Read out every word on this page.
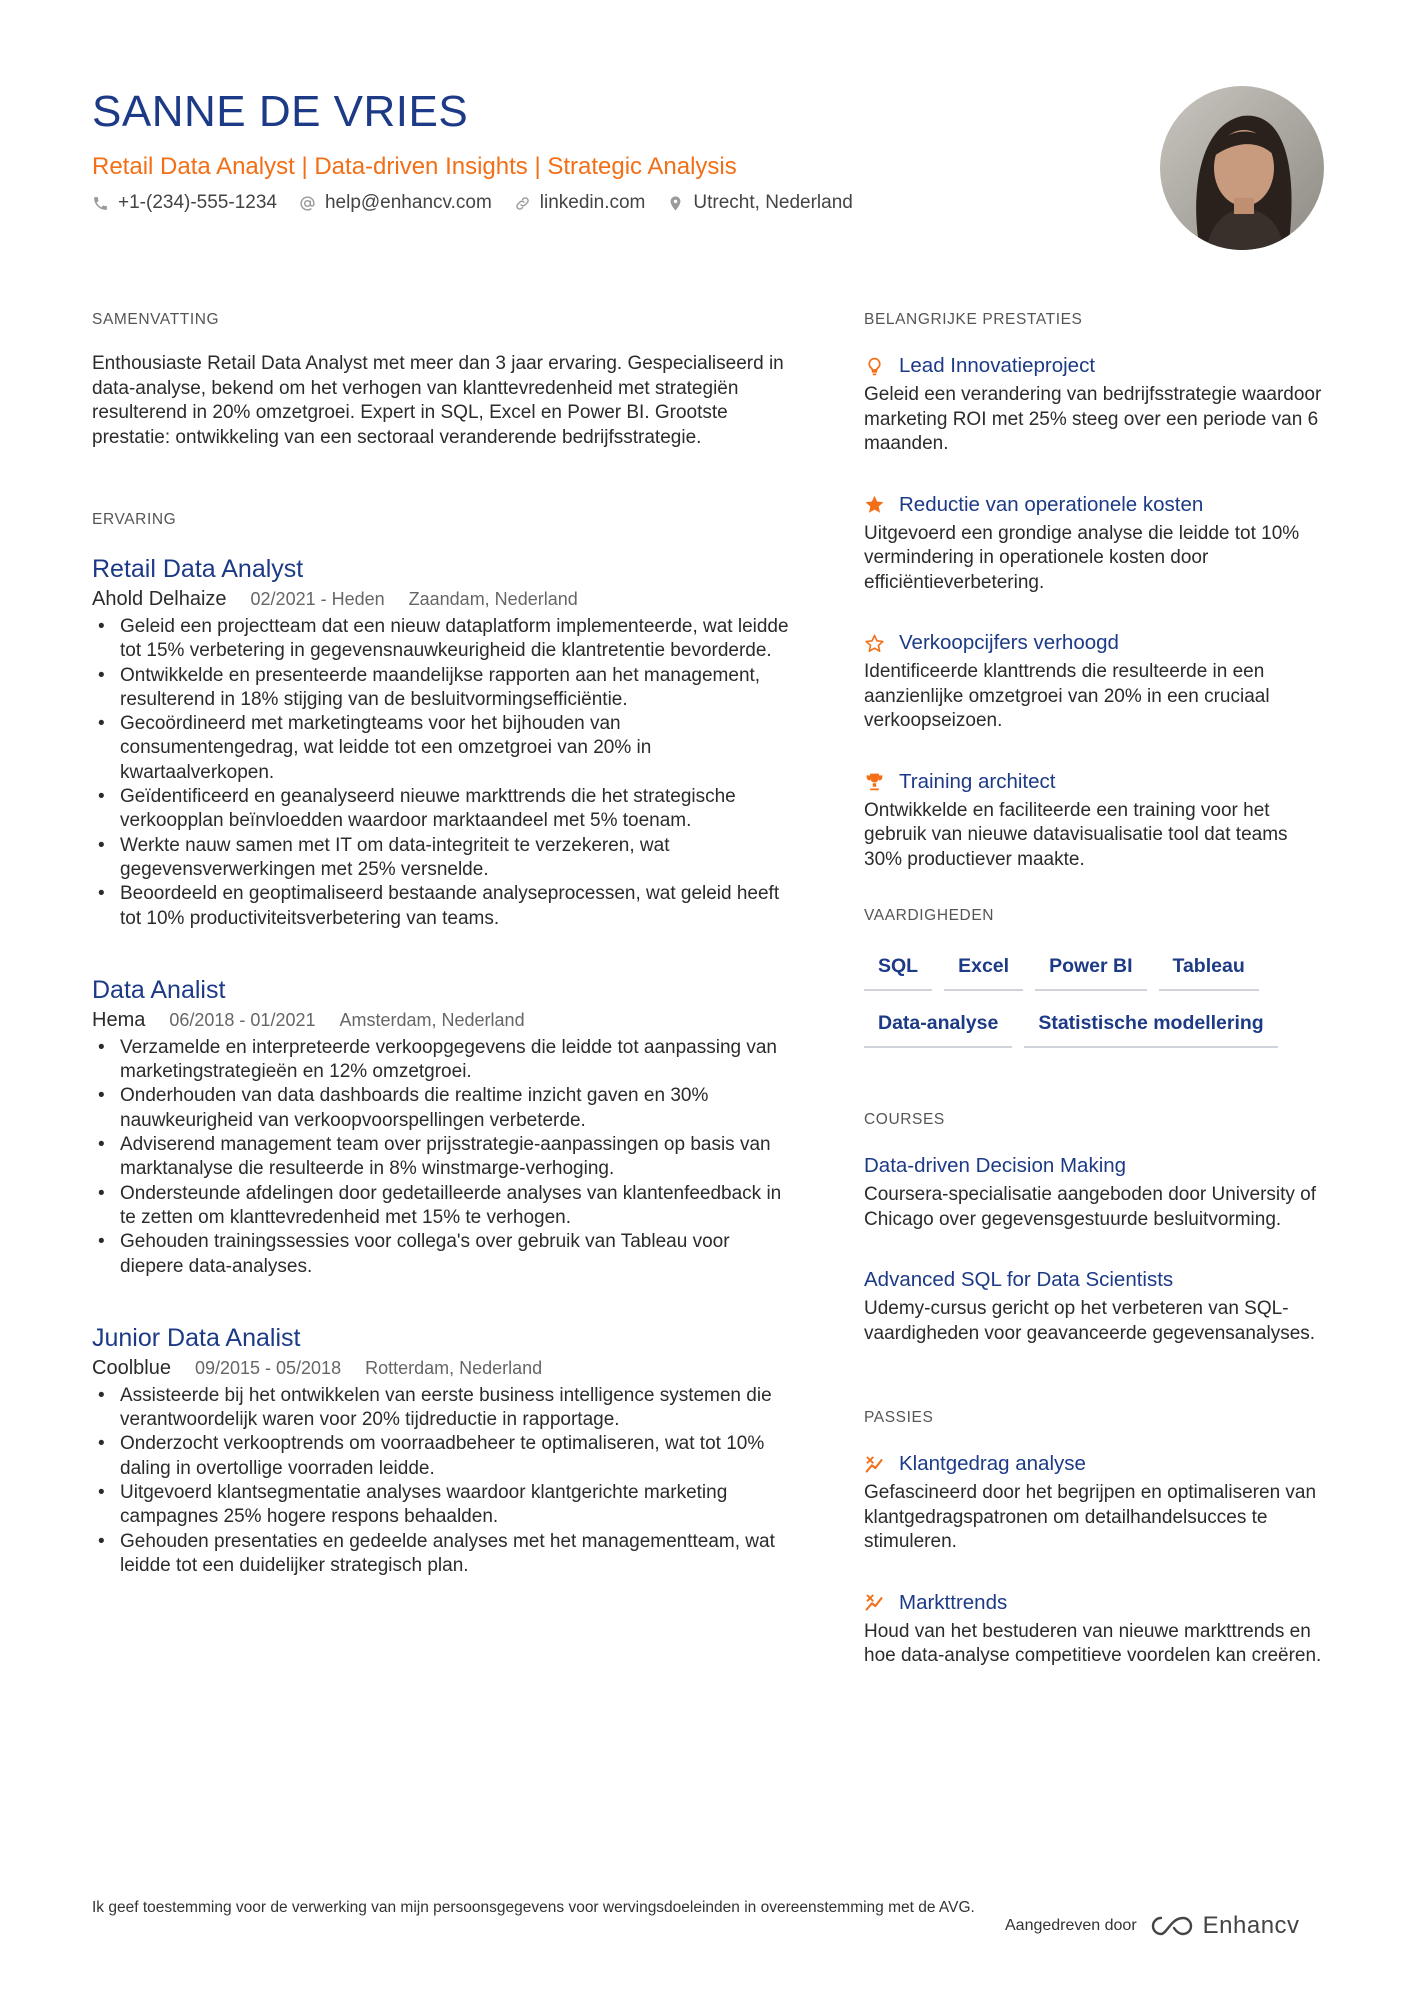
SANNE DE VRIES
Retail Data Analyst | Data-driven Insights | Strategic Analysis
+1-(234)-555-1234	help@enhancv.com	linkedin.com	Utrecht, Nederland
SAMENVATTING
Enthousiaste Retail Data Analyst met meer dan 3 jaar ervaring. Gespecialiseerd in data-analyse, bekend om het verhogen van klanttevredenheid met strategiën resulterend in 20% omzetgroei. Expert in SQL, Excel en Power BI. Grootste prestatie: ontwikkeling van een sectoraal veranderende bedrijfsstrategie.
ERVARING
Retail Data Analyst
Ahold Delhaize 02/2021 - Heden Zaandam, Nederland
• Geleid een projectteam dat een nieuw dataplatform implementeerde, wat leidde tot 15% verbetering in gegevensnauwkeurigheid die klantretentie bevorderde.
• Ontwikkelde en presenteerde maandelijkse rapporten aan het management, resulterend in 18% stijging van de besluitvormingsefficiëntie.
• Gecoördineerd met marketingteams voor het bijhouden van consumentengedrag, wat leidde tot een omzetgroei van 20% in kwartaalverkopen.
• Geïdentificeerd en geanalyseerd nieuwe markttrends die het strategische verkoopplan beïnvloedden waardoor marktaandeel met 5% toenam.
• Werkte nauw samen met IT om data-integriteit te verzekeren, wat gegevensverwerkingen met 25% versnelde.
• Beoordeeld en geoptimaliseerd bestaande analyseprocessen, wat geleid heeft tot 10% productiviteitsverbetering van teams.
Data Analist
Hema 06/2018 - 01/2021 Amsterdam, Nederland
• Verzamelde en interpreteerde verkoopgegevens die leidde tot aanpassing van marketingstrategieën en 12% omzetgroei.
• Onderhouden van data dashboards die realtime inzicht gaven en 30% nauwkeurigheid van verkoopvoorspellingen verbeterde.
• Adviserend management team over prijsstrategie-aanpassingen op basis van marktanalyse die resulteerde in 8% winstmarge-verhoging.
• Ondersteunde afdelingen door gedetailleerde analyses van klantenfeedback in te zetten om klanttevredenheid met 15% te verhogen.
• Gehouden trainingssessies voor collega's over gebruik van Tableau voor diepere data-analyses.
Junior Data Analist
Coolblue 09/2015 - 05/2018 Rotterdam, Nederland
• Assisteerde bij het ontwikkelen van eerste business intelligence systemen die verantwoordelijk waren voor 20% tijdreductie in rapportage.
• Onderzocht verkooptrends om voorraadbeheer te optimaliseren, wat tot 10% daling in overtollige voorraden leidde.
• Uitgevoerd klantsegmentatie analyses waardoor klantgerichte marketing campagnes 25% hogere respons behaalden.
• Gehouden presentaties en gedeelde analyses met het managementteam, wat leidde tot een duidelijker strategisch plan.
BELANGRIJKE PRESTATIES
Lead Innovatieproject
Geleid een verandering van bedrijfsstrategie waardoor marketing ROI met 25% steeg over een periode van 6 maanden.
Reductie van operationele kosten
Uitgevoerd een grondige analyse die leidde tot 10% vermindering in operationele kosten door efficiëntieverbetering.
Verkoopcijfers verhoogd
Identificeerde klanttrends die resulteerde in een aanzienlijke omzetgroei van 20% in een cruciaal verkoopseizoen.
Training architect
Ontwikkelde en faciliteerde een training voor het gebruik van nieuwe datavisualisatie tool dat teams 30% productiever maakte.
VAARDIGHEDEN
SQL	Excel	Power BI	Tableau
Data-analyse	Statistische modellering
COURSES
Data-driven Decision Making
Coursera-specialisatie aangeboden door University of Chicago over gegevensgestuurde besluitvorming.
Advanced SQL for Data Scientists
Udemy-cursus gericht op het verbeteren van SQL-vaardigheden voor geavanceerde gegevensanalyses.
PASSIES
Klantgedrag analyse
Gefascineerd door het begrijpen en optimaliseren van klantgedragspatronen om detailhandelsucces te stimuleren.
Markttrends
Houd van het bestuderen van nieuwe markttrends en hoe data-analyse competitieve voordelen kan creëren.
Ik geef toestemming voor de verwerking van mijn persoonsgegevens voor wervingsdoeleinden in overeenstemming met de AVG.
Aangedreven door	Enhancv
